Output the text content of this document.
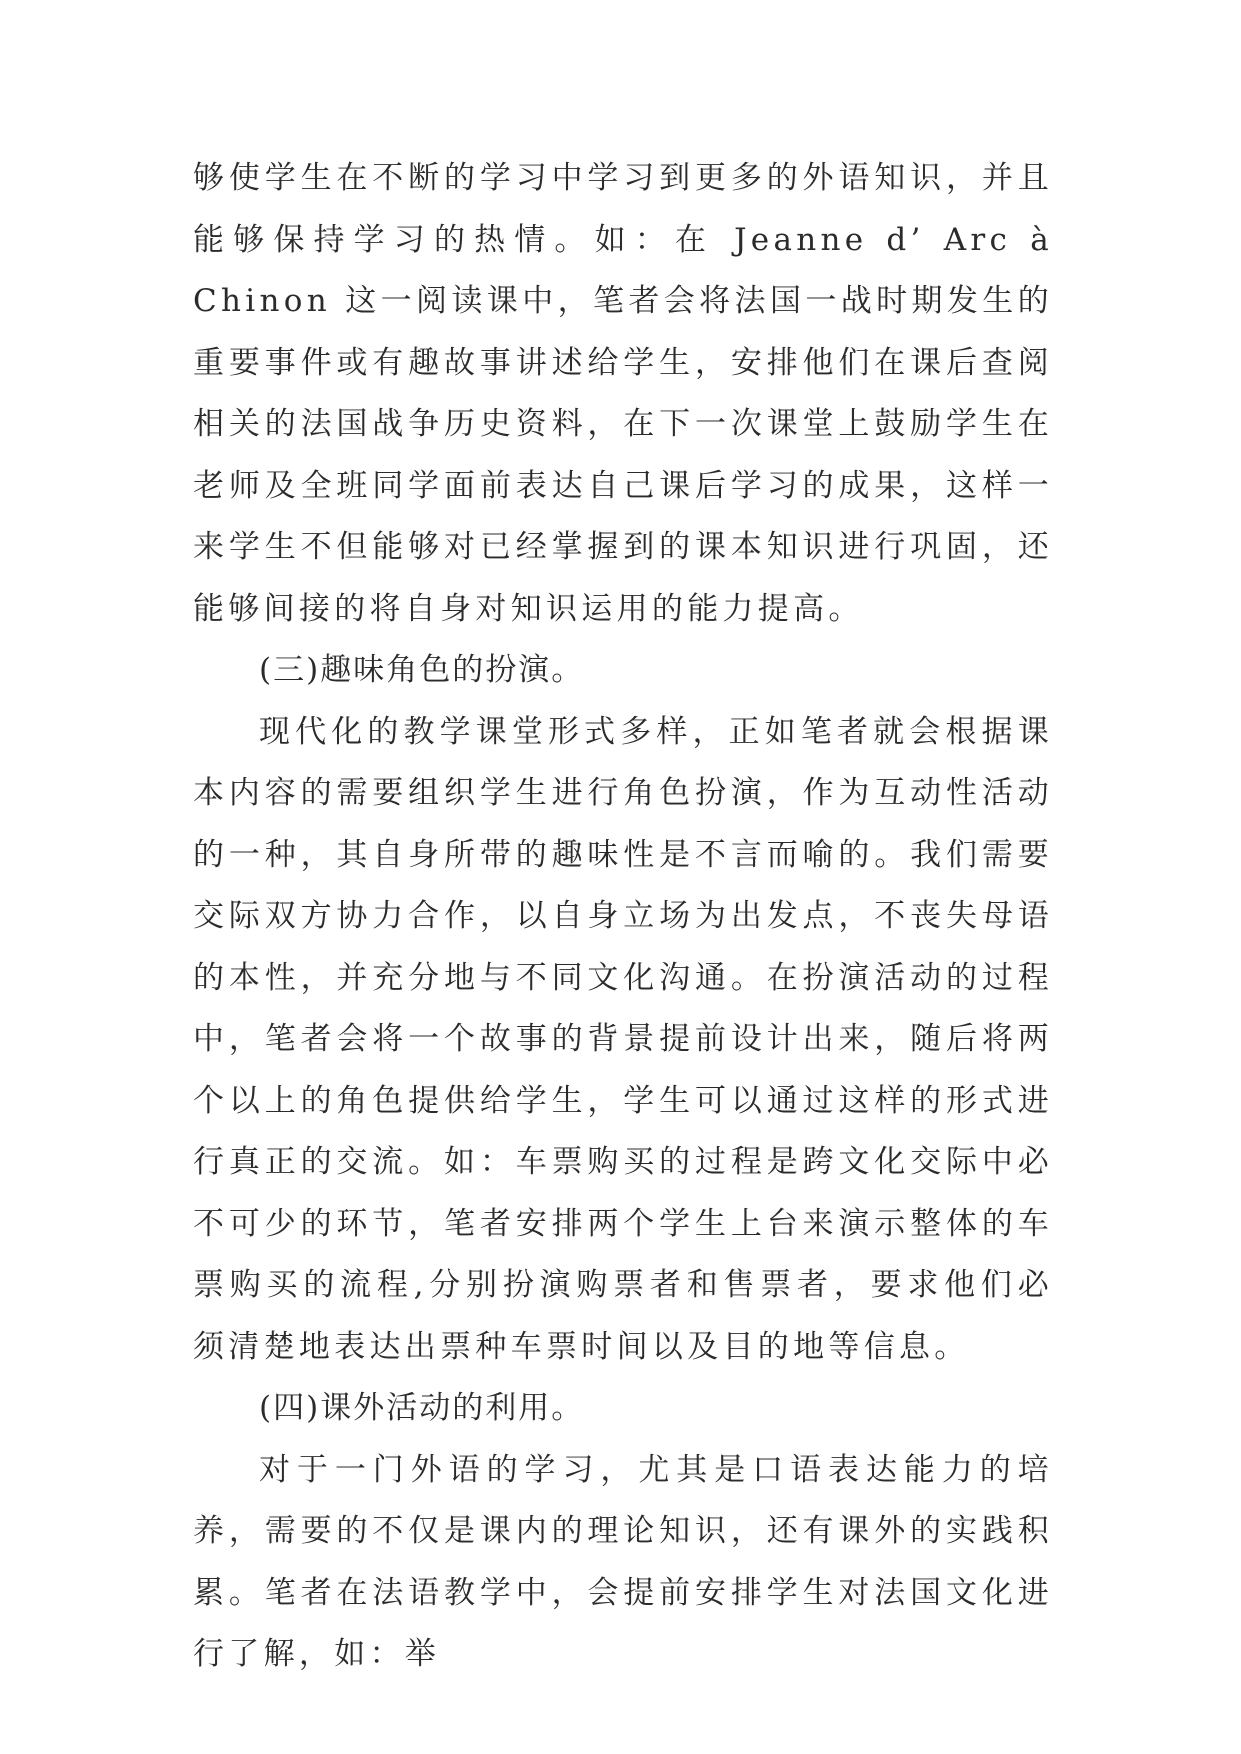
够使学生在不断的学习中学习到更多的外语知识，并且能够保持学习的热情。如：在 Jeanne d’ Arc à Chinon 这一阅读课中，笔者会将法国一战时期发生的重要事件或有趣故事讲述给学生，安排他们在课后查阅相关的法国战争历史资料，在下一次课堂上鼓励学生在老师及全班同学面前表达自己课后学习的成果，这样一来学生不但能够对已经掌握到的课本知识进行巩固，还能够间接的将自身对知识运用的能力提高。

(三)趣味角色的扮演。

现代化的教学课堂形式多样，正如笔者就会根据课本内容的需要组织学生进行角色扮演，作为互动性活动的一种，其自身所带的趣味性是不言而喻的。我们需要交际双方协力合作，以自身立场为出发点，不丧失母语的本性，并充分地与不同文化沟通。在扮演活动的过程中，笔者会将一个故事的背景提前设计出来，随后将两个以上的角色提供给学生，学生可以通过这样的形式进行真正的交流。如：车票购买的过程是跨文化交际中必不可少的环节，笔者安排两个学生上台来演示整体的车票购买的流程,分别扮演购票者和售票者，要求他们必须清楚地表达出票种车票时间以及目的地等信息。

(四)课外活动的利用。

对于一门外语的学习，尤其是口语表达能力的培养，需要的不仅是课内的理论知识，还有课外的实践积累。笔者在法语教学中，会提前安排学生对法国文化进行了解，如：举
